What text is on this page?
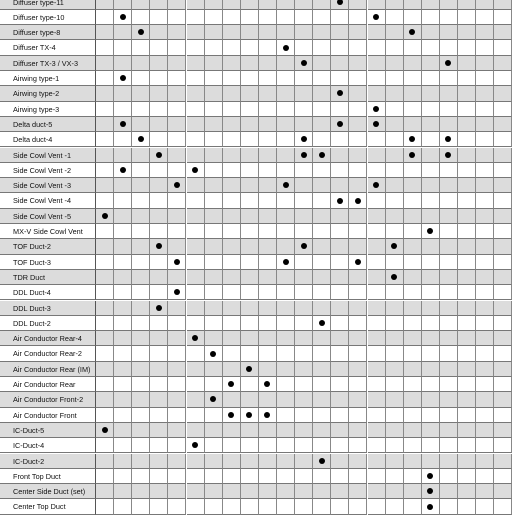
Diffuser type-11
Diffuser type-10
Diffuser type-8
Diffuser TX-4
Diffuser TX-3 / VX-3
Airwing type-1
Airwing type-2
Airwing type-3
Delta duct-5
Delta duct-4
Side Cowl Vent -1
Side Cowl Vent -2
Side Cowl Vent -3
Side Cowl Vent -4
Side Cowl Vent -5
MX-V Side Cowl Vent
TOF Duct-2
TOF Duct-3
TDR Duct
DDL Duct-4
DDL Duct-3
DDL Duct-2
Air Conductor Rear-4
Air Conductor Rear-2
Air Conductor Rear (IM)
Air Conductor Rear
Air Conductor Front-2
Air Conductor Front
IC-Duct-5
IC-Duct-4
IC-Duct-2
Front Top Duct
Center Side Duct (set)
Center Top Duct
